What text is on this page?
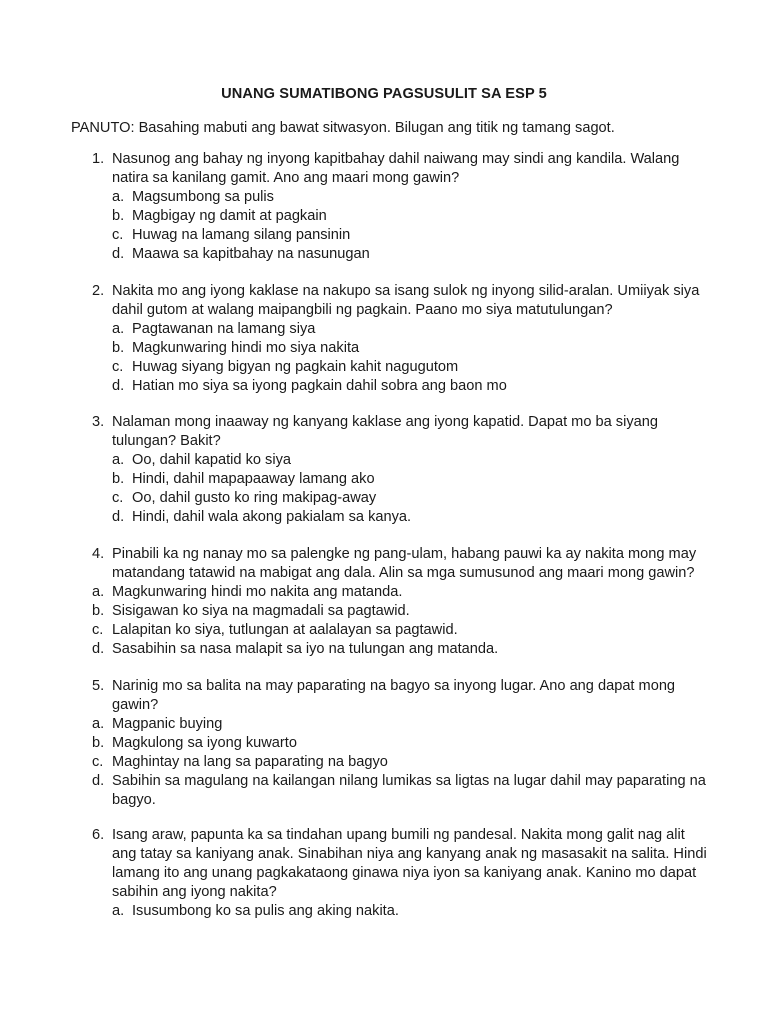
UNANG SUMATIBONG PAGSUSULIT SA ESP 5
PANUTO: Basahing mabuti ang bawat sitwasyon. Bilugan ang titik ng tamang sagot.
1. Nasunog ang bahay ng inyong kapitbahay dahil naiwang may sindi ang kandila. Walang natira sa kanilang gamit. Ano ang maari mong gawin?
a. Magsumbong sa pulis
b. Magbigay ng damit at pagkain
c. Huwag na lamang silang pansinin
d. Maawa sa kapitbahay na nasunugan
2. Nakita mo ang iyong kaklase na nakupo sa isang sulok ng inyong silid-aralan. Umiiyak siya dahil gutom at walang maipangbili ng pagkain. Paano mo siya matutulungan?
a. Pagtawanan na lamang siya
b. Magkunwaring hindi mo siya nakita
c. Huwag siyang bigyan ng pagkain kahit nagugutom
d. Hatian mo siya sa iyong pagkain dahil sobra ang baon mo
3. Nalaman mong inaaway ng kanyang kaklase ang iyong kapatid. Dapat mo ba siyang tulungan? Bakit?
a. Oo, dahil kapatid ko siya
b. Hindi, dahil mapapaaway lamang ako
c. Oo, dahil gusto ko ring makipag-away
d. Hindi, dahil wala akong pakialam sa kanya.
4. Pinabili ka ng nanay mo sa palengke ng pang-ulam, habang pauwi ka ay nakita mong may matandang tatawid na mabigat ang dala. Alin sa mga sumusunod ang maari mong gawin?
a. Magkunwaring hindi mo nakita ang matanda.
b. Sisigawan ko siya na magmadali sa pagtawid.
c. Lalapitan ko siya, tutlungan at aalalayan sa pagtawid.
d. Sasabihin sa nasa malapit sa iyo na tulungan ang matanda.
5. Narinig mo sa balita na may paparating na bagyo sa inyong lugar. Ano ang dapat mong gawin?
a. Magpanic buying
b. Magkulong sa iyong kuwarto
c. Maghintay na lang sa paparating na bagyo
d. Sabihin sa magulang na kailangan nilang lumikas sa ligtas na lugar dahil may paparating na
bagyo.
6. Isang araw, papunta ka sa tindahan upang bumili ng pandesal. Nakita mong galit nag alit ang tatay sa kaniyang anak. Sinabihan niya ang kanyang anak ng masasakit na salita. Hindi lamang ito ang unang pagkakataong ginawa niya iyon sa kaniyang anak. Kanino mo dapat sabihin ang iyong nakita?
a. Isusumbong ko sa pulis ang aking nakita.
